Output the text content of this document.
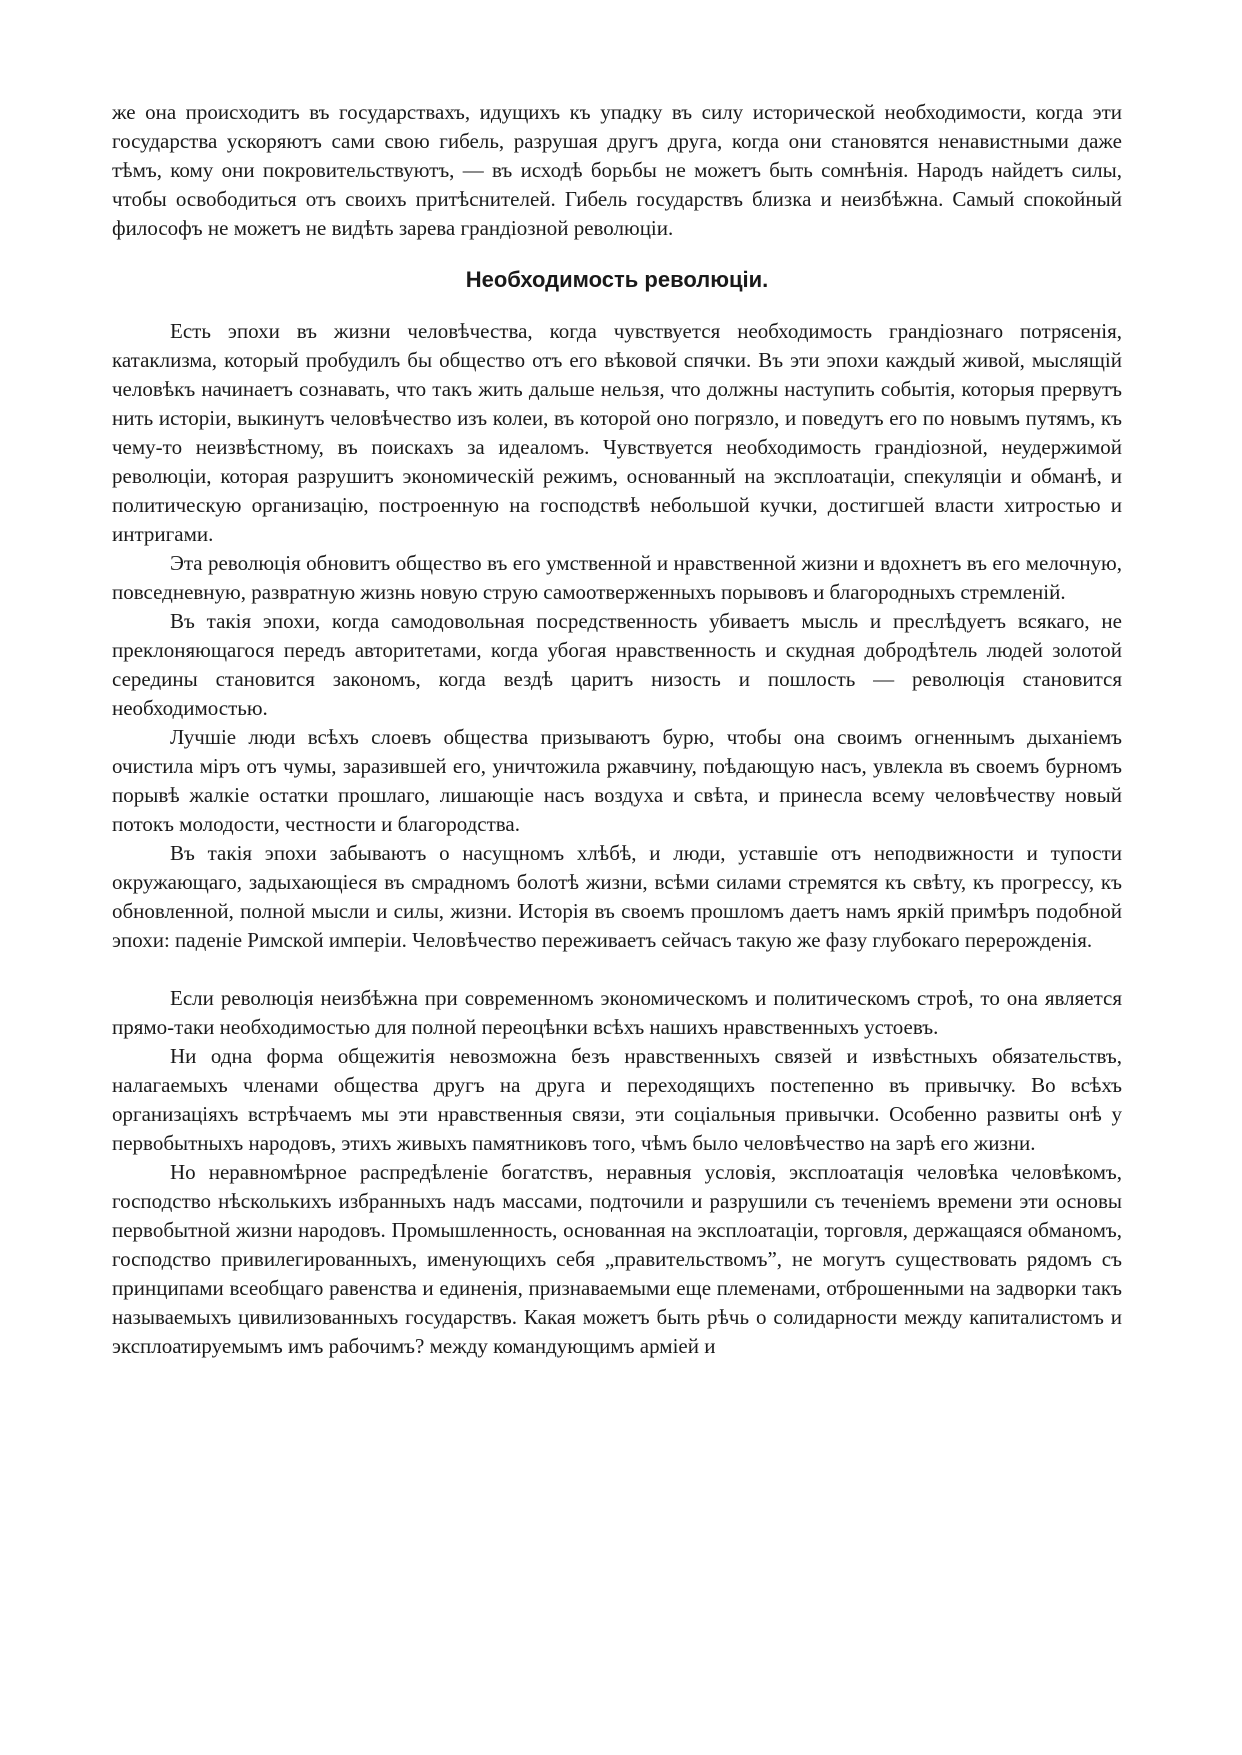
же она происходитъ въ государствахъ, идущихъ къ упадку въ силу исторической необходимости, когда эти государства ускоряютъ сами свою гибель, разрушая другъ друга, когда они становятся ненавистными даже тѣмъ, кому они покровительствуютъ, — въ исходѣ борьбы не можетъ быть сомнѣнія. Народъ найдетъ силы, чтобы освободиться отъ своихъ притѣснителей. Гибель государствъ близка и неизбѣжна. Самый спокойный философъ не можетъ не видѣть зарева грандіозной революціи.

Необходимость революціи.

Есть эпохи въ жизни человѣчества, когда чувствуется необходимость грандіознаго потрясенія, катаклизма, который пробудилъ бы общество отъ его вѣковой спячки. Въ эти эпохи каждый живой, мыслящій человѣкъ начинаетъ сознавать, что такъ жить дальше нельзя, что должны наступить событія, которыя прервутъ нить исторіи, выкинутъ человѣчество изъ колеи, въ которой оно погрязло, и поведутъ его по новымъ путямъ, къ чему-то неизвѣстному, въ поискахъ за идеаломъ. Чувствуется необходимость грандіозной, неудержимой революціи, которая разрушитъ экономическій режимъ, основанный на эксплоатаціи, спекуляціи и обманѣ, и политическую организацію, построенную на господствѣ небольшой кучки, достигшей власти хитростью и интригами.

Эта революція обновитъ общество въ его умственной и нравственной жизни и вдохнетъ въ его мелочную, повседневную, развратную жизнь новую струю самоотверженныхъ порывовъ и благородныхъ стремленій.

Въ такія эпохи, когда самодовольная посредственность убиваетъ мысль и преслѣдуетъ всякаго, не преклоняющагося передъ авторитетами, когда убогая нравственность и скудная добродѣтель людей золотой середины становится закономъ, когда вездѣ царитъ низость и пошлость — революція становится необходимостью.

Лучшіе люди всѣхъ слоевъ общества призываютъ бурю, чтобы она своимъ огненнымъ дыханіемъ очистила міръ отъ чумы, заразившей его, уничтожила ржавчину, поѣдающую насъ, увлекла въ своемъ бурномъ порывѣ жалкіе остатки прошлаго, лишающіе насъ воздуха и свѣта, и принесла всему человѣчеству новый потокъ молодости, честности и благородства.

Въ такія эпохи забываютъ о насущномъ хлѣбѣ, и люди, уставшіе отъ неподвижности и тупости окружающаго, задыхающіеся въ смрадномъ болотѣ жизни, всѣми силами стремятся къ свѣту, къ прогрессу, къ обновленной, полной мысли и силы, жизни. Исторія въ своемъ прошломъ даетъ намъ яркій примѣръ подобной эпохи: паденіе Римской имперіи. Человѣчество переживаетъ сейчасъ такую же фазу глубокаго перерожденія.

Если революція неизбѣжна при современномъ экономическомъ и политическомъ строѣ, то она является прямо-таки необходимостью для полной переоцѣнки всѣхъ нашихъ нравственныхъ устоевъ.

Ни одна форма общежитія невозможна безъ нравственныхъ связей и извѣстныхъ обязательствъ, налагаемыхъ членами общества другъ на друга и переходящихъ постепенно въ привычку. Во всѣхъ организаціяхъ встрѣчаемъ мы эти нравственныя связи, эти соціальныя привычки. Особенно развиты онѣ у первобытныхъ народовъ, этихъ живыхъ памятниковъ того, чѣмъ было человѣчество на зарѣ его жизни.

Но неравномѣрное распредѣленіе богатствъ, неравныя условія, эксплоатація человѣка человѣкомъ, господство нѣсколькихъ избранныхъ надъ массами, подточили и разрушили съ теченіемъ времени эти основы первобытной жизни народовъ. Промышленность, основанная на эксплоатаціи, торговля, держащаяся обманомъ, господство привилегированныхъ, именующихъ себя „правительствомъ”, не могутъ существовать рядомъ съ принципами всеобщаго равенства и единенія, признаваемыми еще племенами, отброшенными на задворки такъ называемыхъ цивилизованныхъ государствъ. Какая можетъ быть рѣчь о солидарности между капиталистомъ и эксплоатируемымъ имъ рабочимъ? между командующимъ арміей и
